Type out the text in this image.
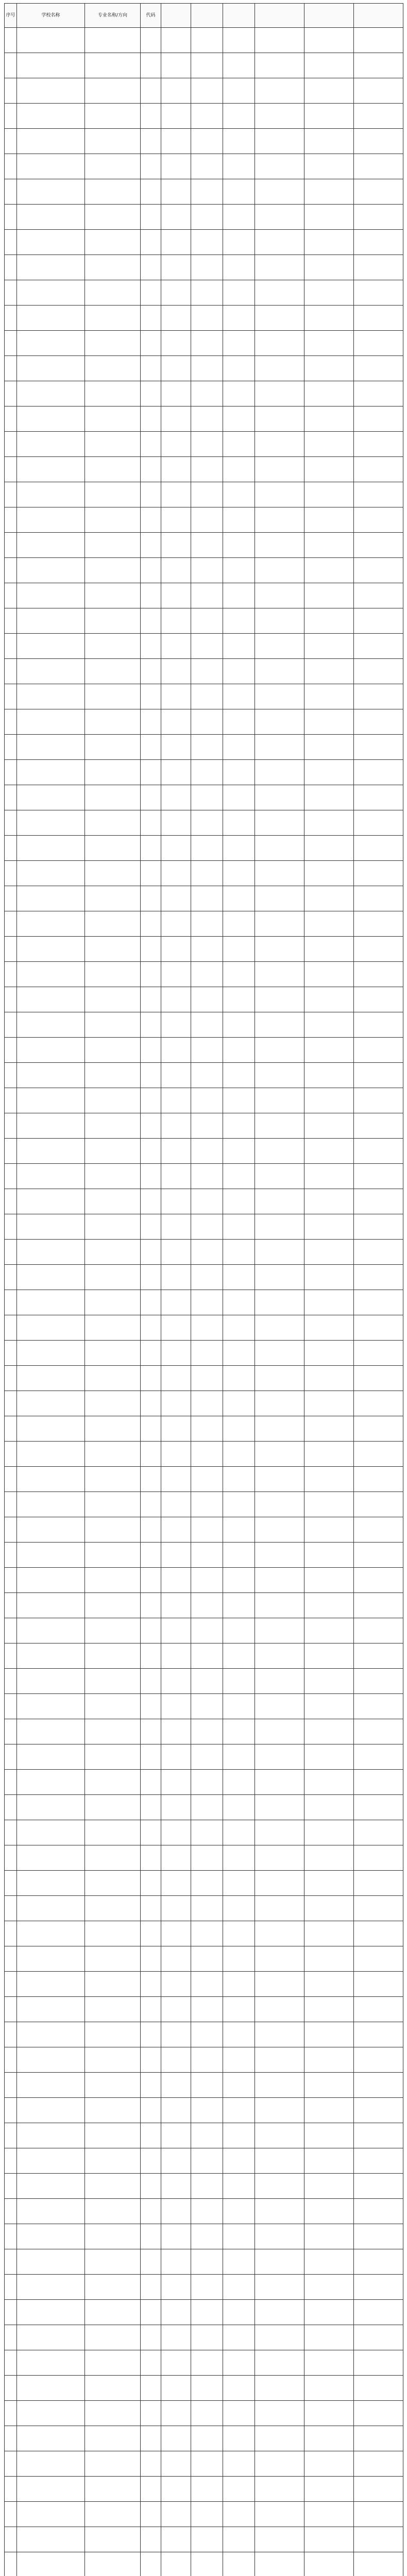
序号	学校名称	专业名称/方向	代码						
